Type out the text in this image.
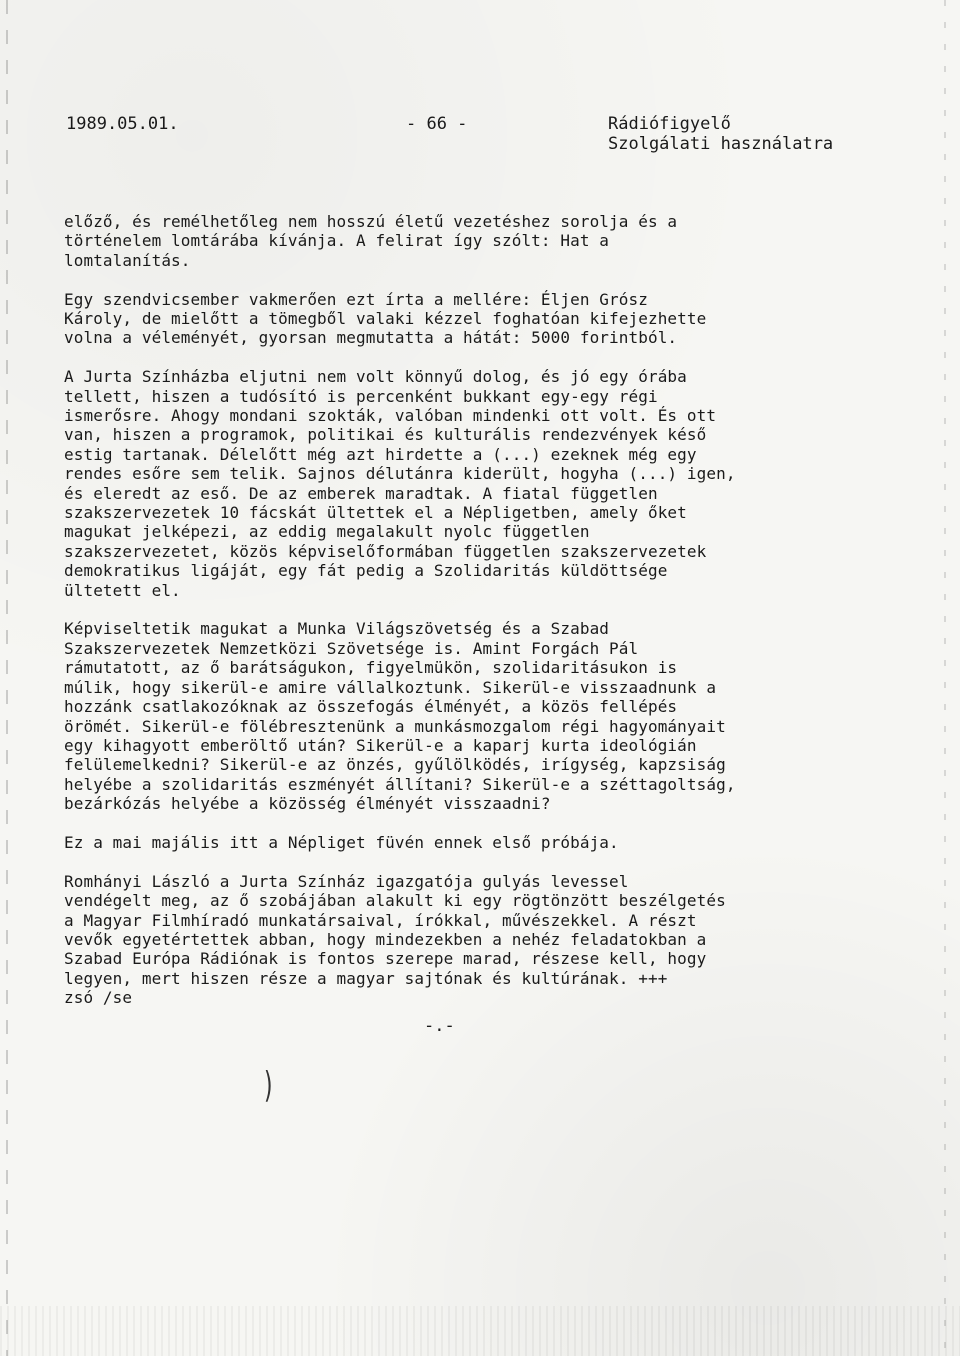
1989.05.01.	- 66 -	Rádiófigyelő
Szolgálati használatra

előző, és remélhetőleg nem hosszú életű vezetéshez sorolja és a
történelem lomtárába kívánja. A felirat így szólt: Hat a
lomtalanítás.

Egy szendvicsember vakmerően ezt írta a mellére: Éljen Grósz
Károly, de mielőtt a tömegből valaki kézzel foghatóan kifejezhette
volna a véleményét, gyorsan megmutatta a hátát: 5000 forintból.

A Jurta Színházba eljutni nem volt könnyű dolog, és jó egy órába
tellett, hiszen a tudósító is percenként bukkant egy-egy régi
ismerősre. Ahogy mondani szokták, valóban mindenki ott volt. És ott
van, hiszen a programok, politikai és kulturális rendezvények késő
estig tartanak. Délelőtt még azt hirdette a (...) ezeknek még egy
rendes esőre sem telik. Sajnos délutánra kiderült, hogyha (...) igen,
és eleredt az eső. De az emberek maradtak. A fiatal független
szakszervezetek 10 fácskát ültettek el a Népligetben, amely őket
magukat jelképezi, az eddig megalakult nyolc független
szakszervezetet, közös képviselőformában független szakszervezetek
demokratikus ligáját, egy fát pedig a Szolidaritás küldöttsége
ültetett el.

Képviseltetik magukat a Munka Világszövetség és a Szabad
Szakszervezetek Nemzetközi Szövetsége is. Amint Forgách Pál
rámutatott, az ő barátságukon, figyelmükön, szolidaritásukon is
múlik, hogy sikerül-e amire vállalkoztunk. Sikerül-e visszaadnunk a
hozzánk csatlakozóknak az összefogás élményét, a közös fellépés
örömét. Sikerül-e fölébresztenünk a munkásmozgalom régi hagyományait
egy kihagyott emberöltő után? Sikerül-e a kaparj kurta ideológián
felülemelkedni? Sikerül-e az önzés, gyűlölködés, irígység, kapzsiság
helyébe a szolidaritás eszményét állítani? Sikerül-e a széttagoltság,
bezárkózás helyébe a közösség élményét visszaadni?

Ez a mai majális itt a Népliget füvén ennek első próbája.

Romhányi László a Jurta Színház igazgatója gulyás levessel
vendégelt meg, az ő szobájában alakult ki egy rögtönzött beszélgetés
a Magyar Filmhíradó munkatársaival, írókkal, művészekkel. A részt
vevők egyetértettek abban, hogy mindezekben a nehéz feladatokban a
Szabad Európa Rádiónak is fontos szerepe marad, részese kell, hogy
legyen, mert hiszen része a magyar sajtónak és kultúrának. +++

zsó /se

-.-
)
